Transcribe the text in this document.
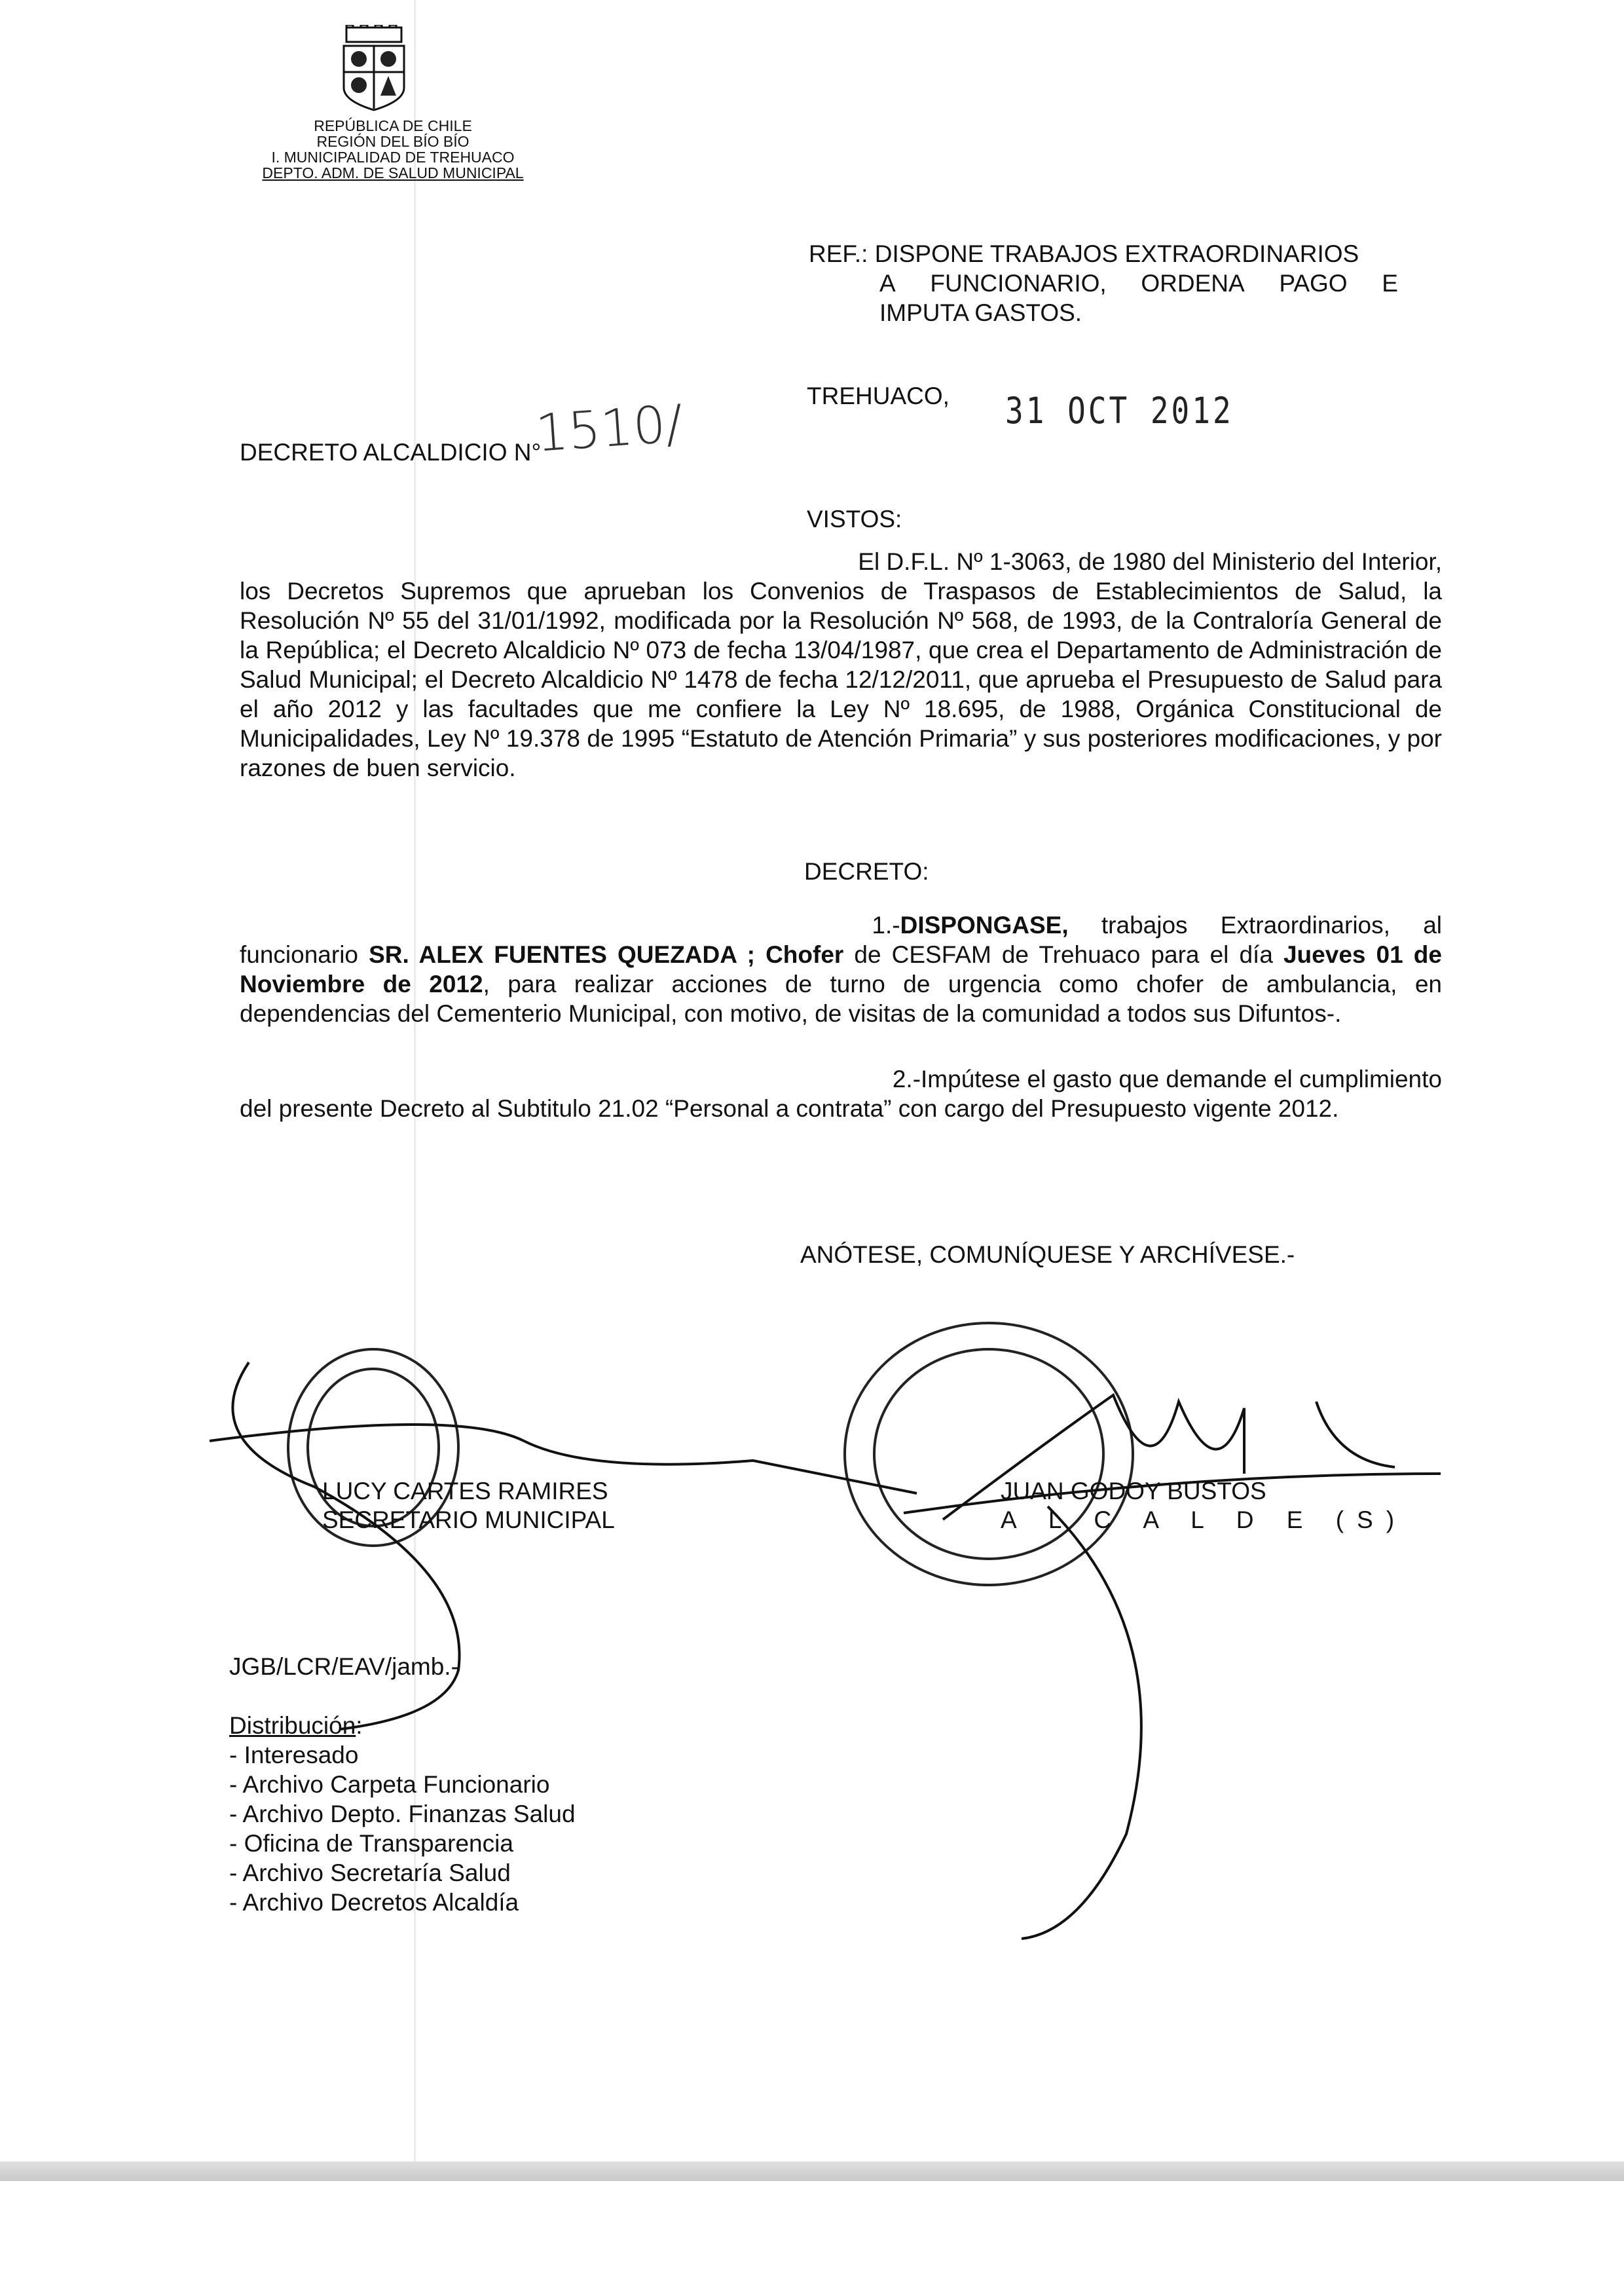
REPÚBLICA DE CHILE
REGIÓN DEL BÍO BÍO
I. MUNICIPALIDAD DE TREHUACO
DEPTO. ADM. DE SALUD MUNICIPAL
REF.: DISPONE TRABAJOS EXTRAORDINARIOS
A FUNCIONARIO, ORDENA PAGO E
IMPUTA GASTOS.
TREHUACO, 31 OCT 2012
DECRETO ALCALDICIO N°
1510/
VISTOS:
El D.F.L. Nº 1-3063, de 1980 del Ministerio del Interior,
los Decretos Supremos que aprueban los Convenios de Traspasos de Establecimientos de Salud, la Resolución Nº 55 del 31/01/1992, modificada por la Resolución Nº 568, de 1993, de la Contraloría General de la República; el Decreto Alcaldicio Nº 073 de fecha 13/04/1987, que crea el Departamento de Administración de Salud Municipal; el Decreto Alcaldicio Nº 1478 de fecha 12/12/2011, que aprueba el Presupuesto de Salud para el año 2012 y las facultades que me confiere la Ley Nº 18.695, de 1988, Orgánica Constitucional de Municipalidades, Ley Nº 19.378 de 1995 “Estatuto de Atención Primaria” y sus posteriores modificaciones, y por razones de buen servicio.
DECRETO:
1.-DISPONGASE, trabajos Extraordinarios, al
funcionario SR. ALEX FUENTES QUEZADA ; Chofer de CESFAM de Trehuaco para el día Jueves 01 de Noviembre de 2012, para realizar acciones de turno de urgencia como chofer de ambulancia, en dependencias del Cementerio Municipal, con motivo, de visitas de la comunidad a todos sus Difuntos-.
2.-Impútese el gasto que demande el cumplimiento
del presente Decreto al Subtitulo 21.02 “Personal a contrata” con cargo del Presupuesto vigente 2012.
ANÓTESE, COMUNÍQUESE Y ARCHÍVESE.-
LUCY CARTES RAMIRES
SECRETARIO MUNICIPAL
JUAN GODOY BUSTOS
A L C A L D E (S)
JGB/LCR/EAV/jamb.-
Distribución:
- Interesado
- Archivo Carpeta Funcionario
- Archivo Depto. Finanzas Salud
- Oficina de Transparencia
- Archivo Secretaría Salud
- Archivo Decretos Alcaldía
